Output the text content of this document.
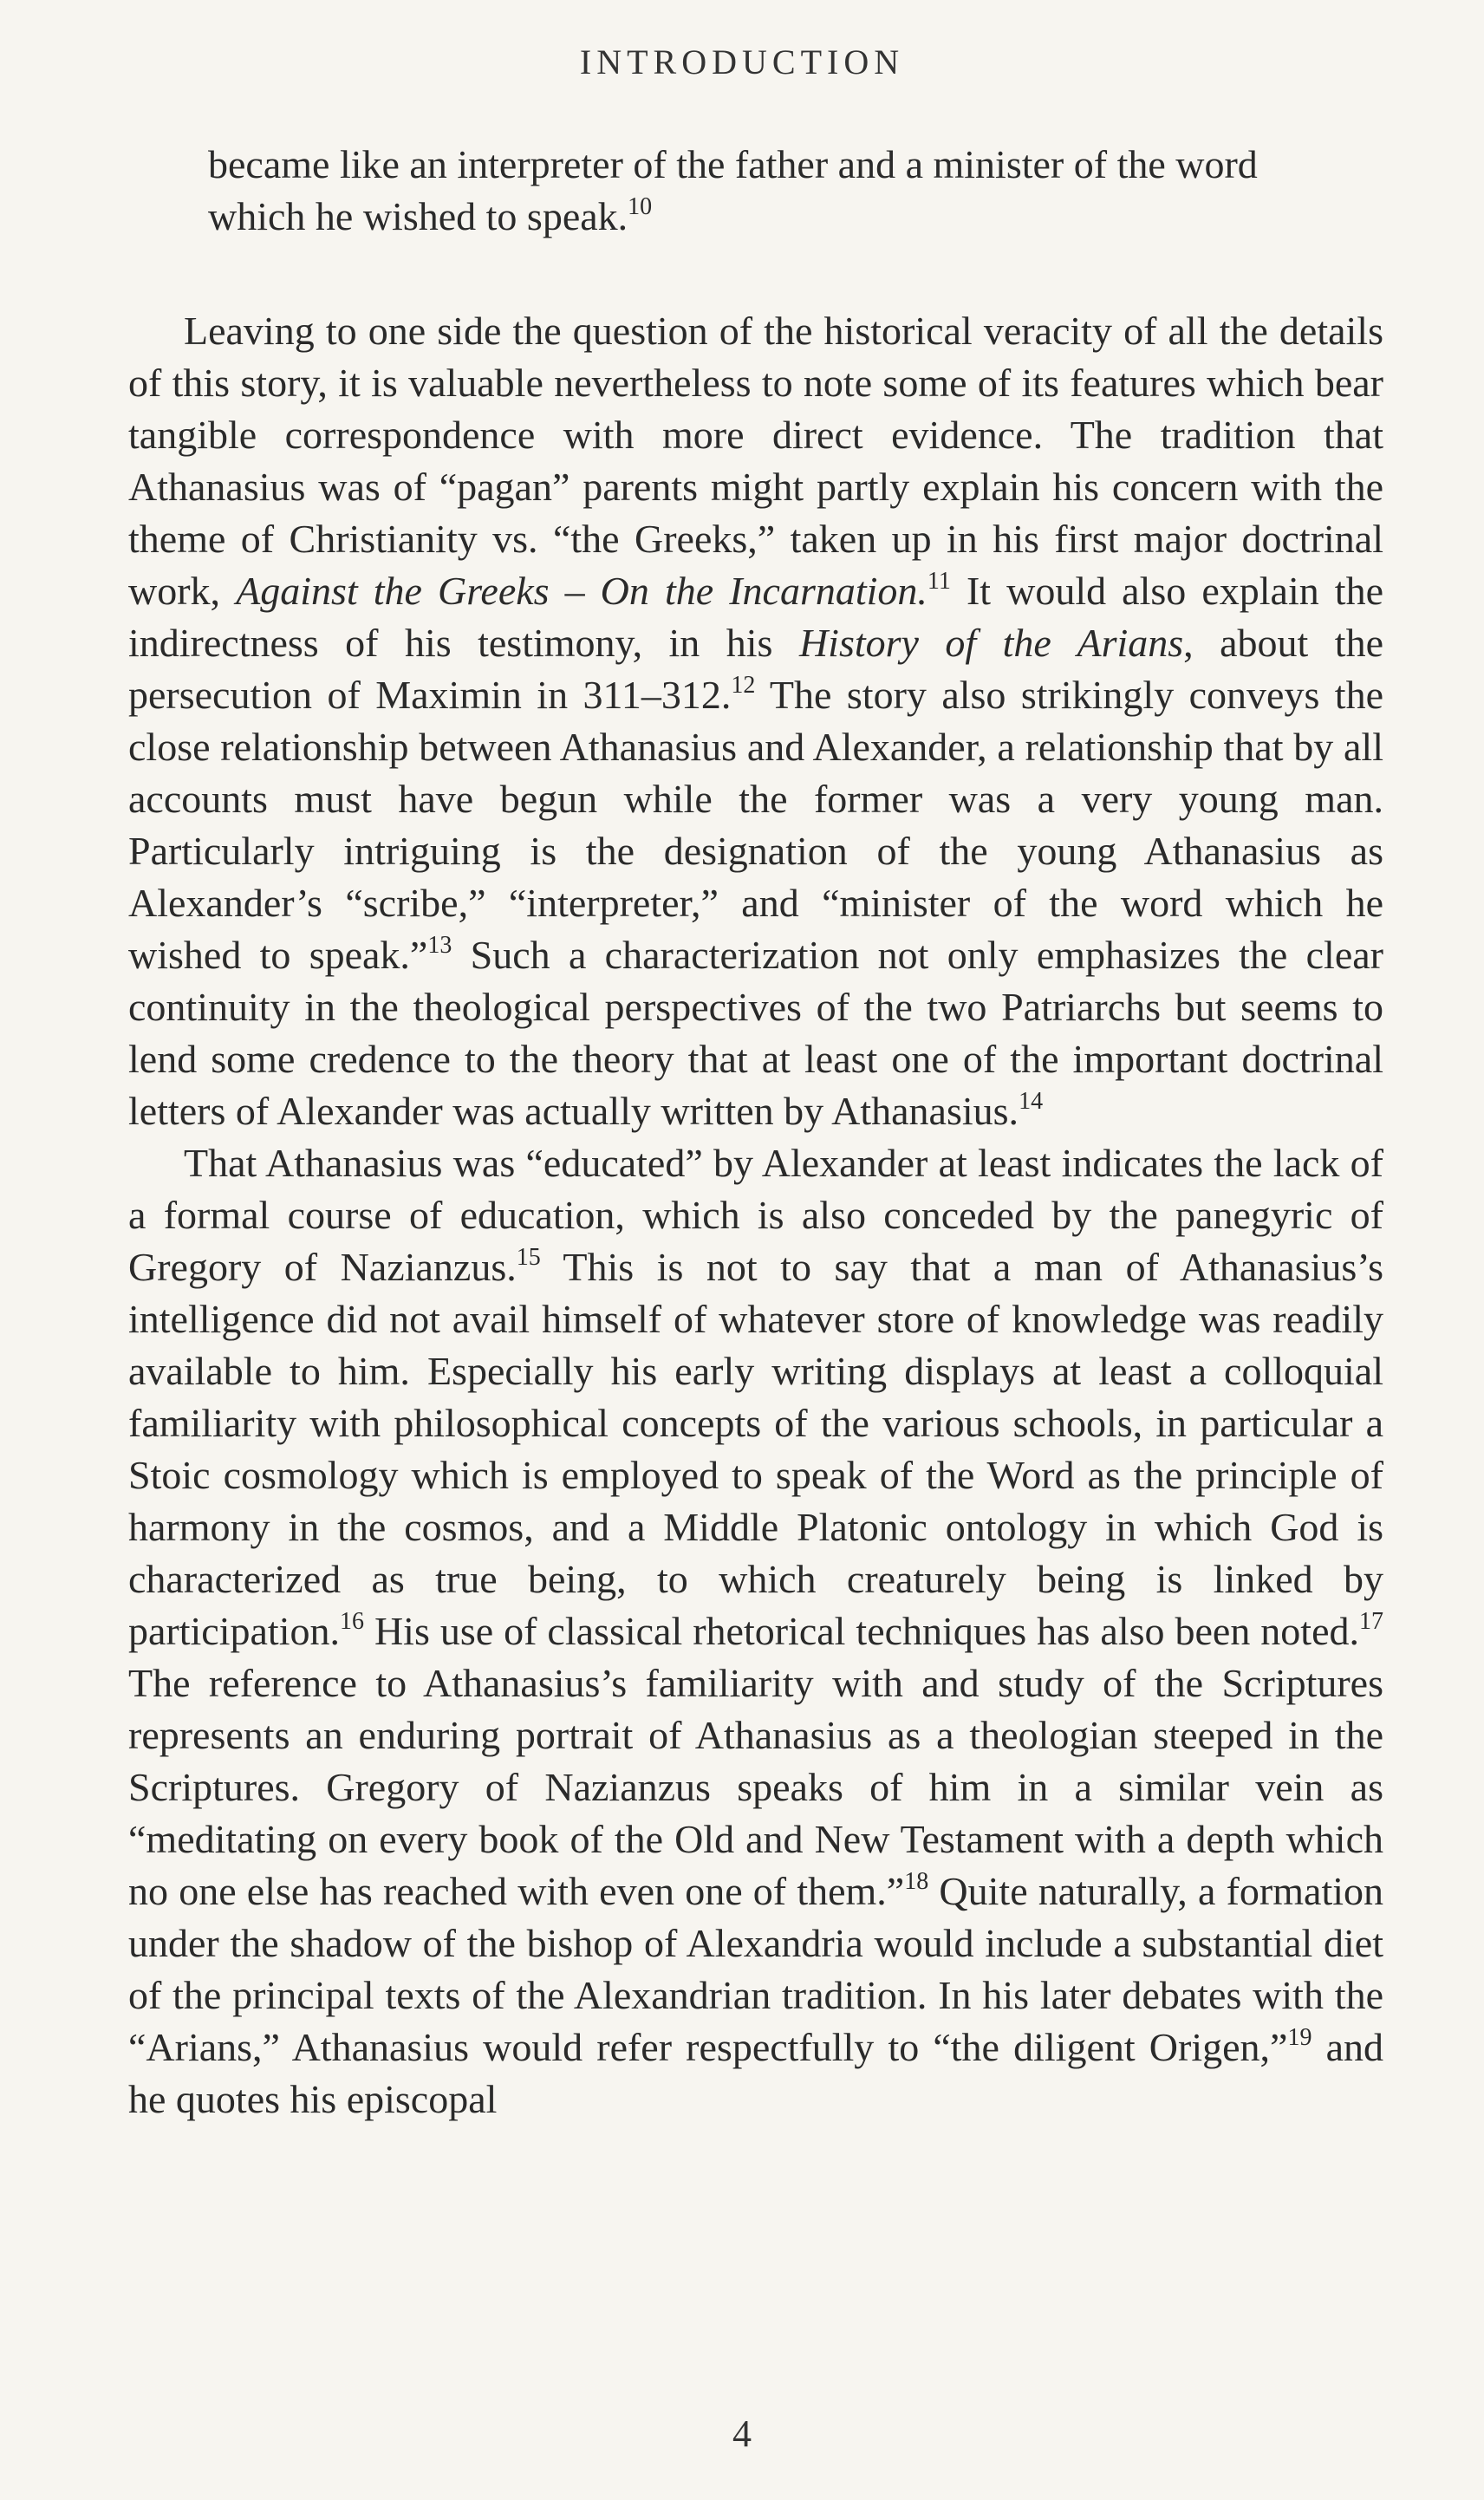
INTRODUCTION
became like an interpreter of the father and a minister of the word which he wished to speak.$^{10}$

Leaving to one side the question of the historical veracity of all the details of this story, it is valuable nevertheless to note some of its features which bear tangible correspondence with more direct evidence. The tradition that Athanasius was of “pagan” parents might partly explain his concern with the theme of Christianity vs. “the Greeks,” taken up in his first major doctrinal work, Against the Greeks – On the Incarnation.$^{11}$ It would also explain the indirectness of his testimony, in his History of the Arians, about the persecution of Maximin in 311–312.12 The story also strikingly conveys the close relationship between Athanasius and Alexander, a relationship that by all accounts must have begun while the former was a very young man. Particularly intriguing is the designation of the young Athanasius as Alexander’s “scribe,” “interpreter,” and “minister of the word which he wished to speak.”$^{13}$ Such a characterization not only emphasizes the clear continuity in the theological perspectives of the two Patriarchs but seems to lend some credence to the theory that at least one of the important doctrinal letters of Alexander was actually written by Athanasius.$^{14}$

That Athanasius was “educated” by Alexander at least indicates the lack of a formal course of education, which is also conceded by the panegyric of Gregory of Nazianzus.$^{15}$ This is not to say that a man of Athanasius’s intelligence did not avail himself of whatever store of knowledge was readily available to him. Especially his early writing displays at least a colloquial familiarity with philosophical concepts of the various schools, in particular a Stoic cosmology which is employed to speak of the Word as the principle of harmony in the cosmos, and a Middle Platonic ontology in which God is characterized as true being, to which creaturely being is linked by participation.$^{16}$ His use of classical rhetorical techniques has also been noted.$^{17}$ The reference to Athanasius’s familiarity with and study of the Scriptures represents an enduring portrait of Athanasius as a theologian steeped in the Scriptures. Gregory of Nazianzus speaks of him in a similar vein as “meditating on every book of the Old and New Testament with a depth which no one else has reached with even one of them.”$^{18}$ Quite naturally, a formation under the shadow of the bishop of Alexandria would include a substantial diet of the principal texts of the Alexandrian tradition. In his later debates with the “Arians,” Athanasius would refer respectfully to “the diligent Origen,”$^{19}$ and he quotes his episcopal

4
